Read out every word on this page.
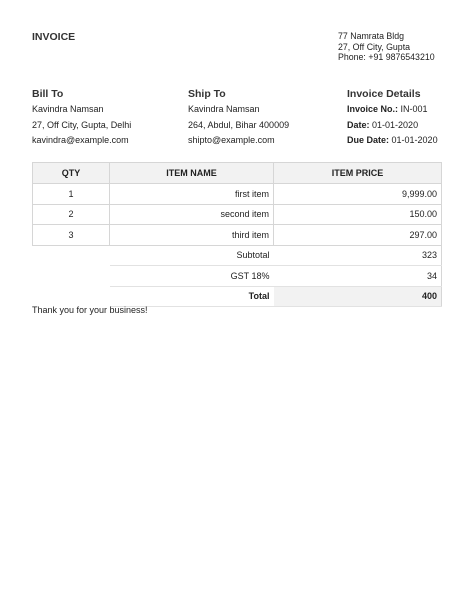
INVOICE	77 Namrata Bldg
27, Off City, Gupta
Phone: +91 9876543210
Bill To
Kavindra Namsan
27, Off City, Gupta, Delhi
kavindra@example.com
Ship To
Kavindra Namsan
264, Abdul, Bihar 400009
shipto@example.com
Invoice Details
Invoice No.: IN-001
Date: 01-01-2020
Due Date: 01-01-2020
QTY	ITEM NAME	ITEM PRICE
1	first item	9,999.00
2	second item	150.00
3	third item	297.00
	Subtotal	323
	GST 18%	34
	Total	400
Thank you for your business!
